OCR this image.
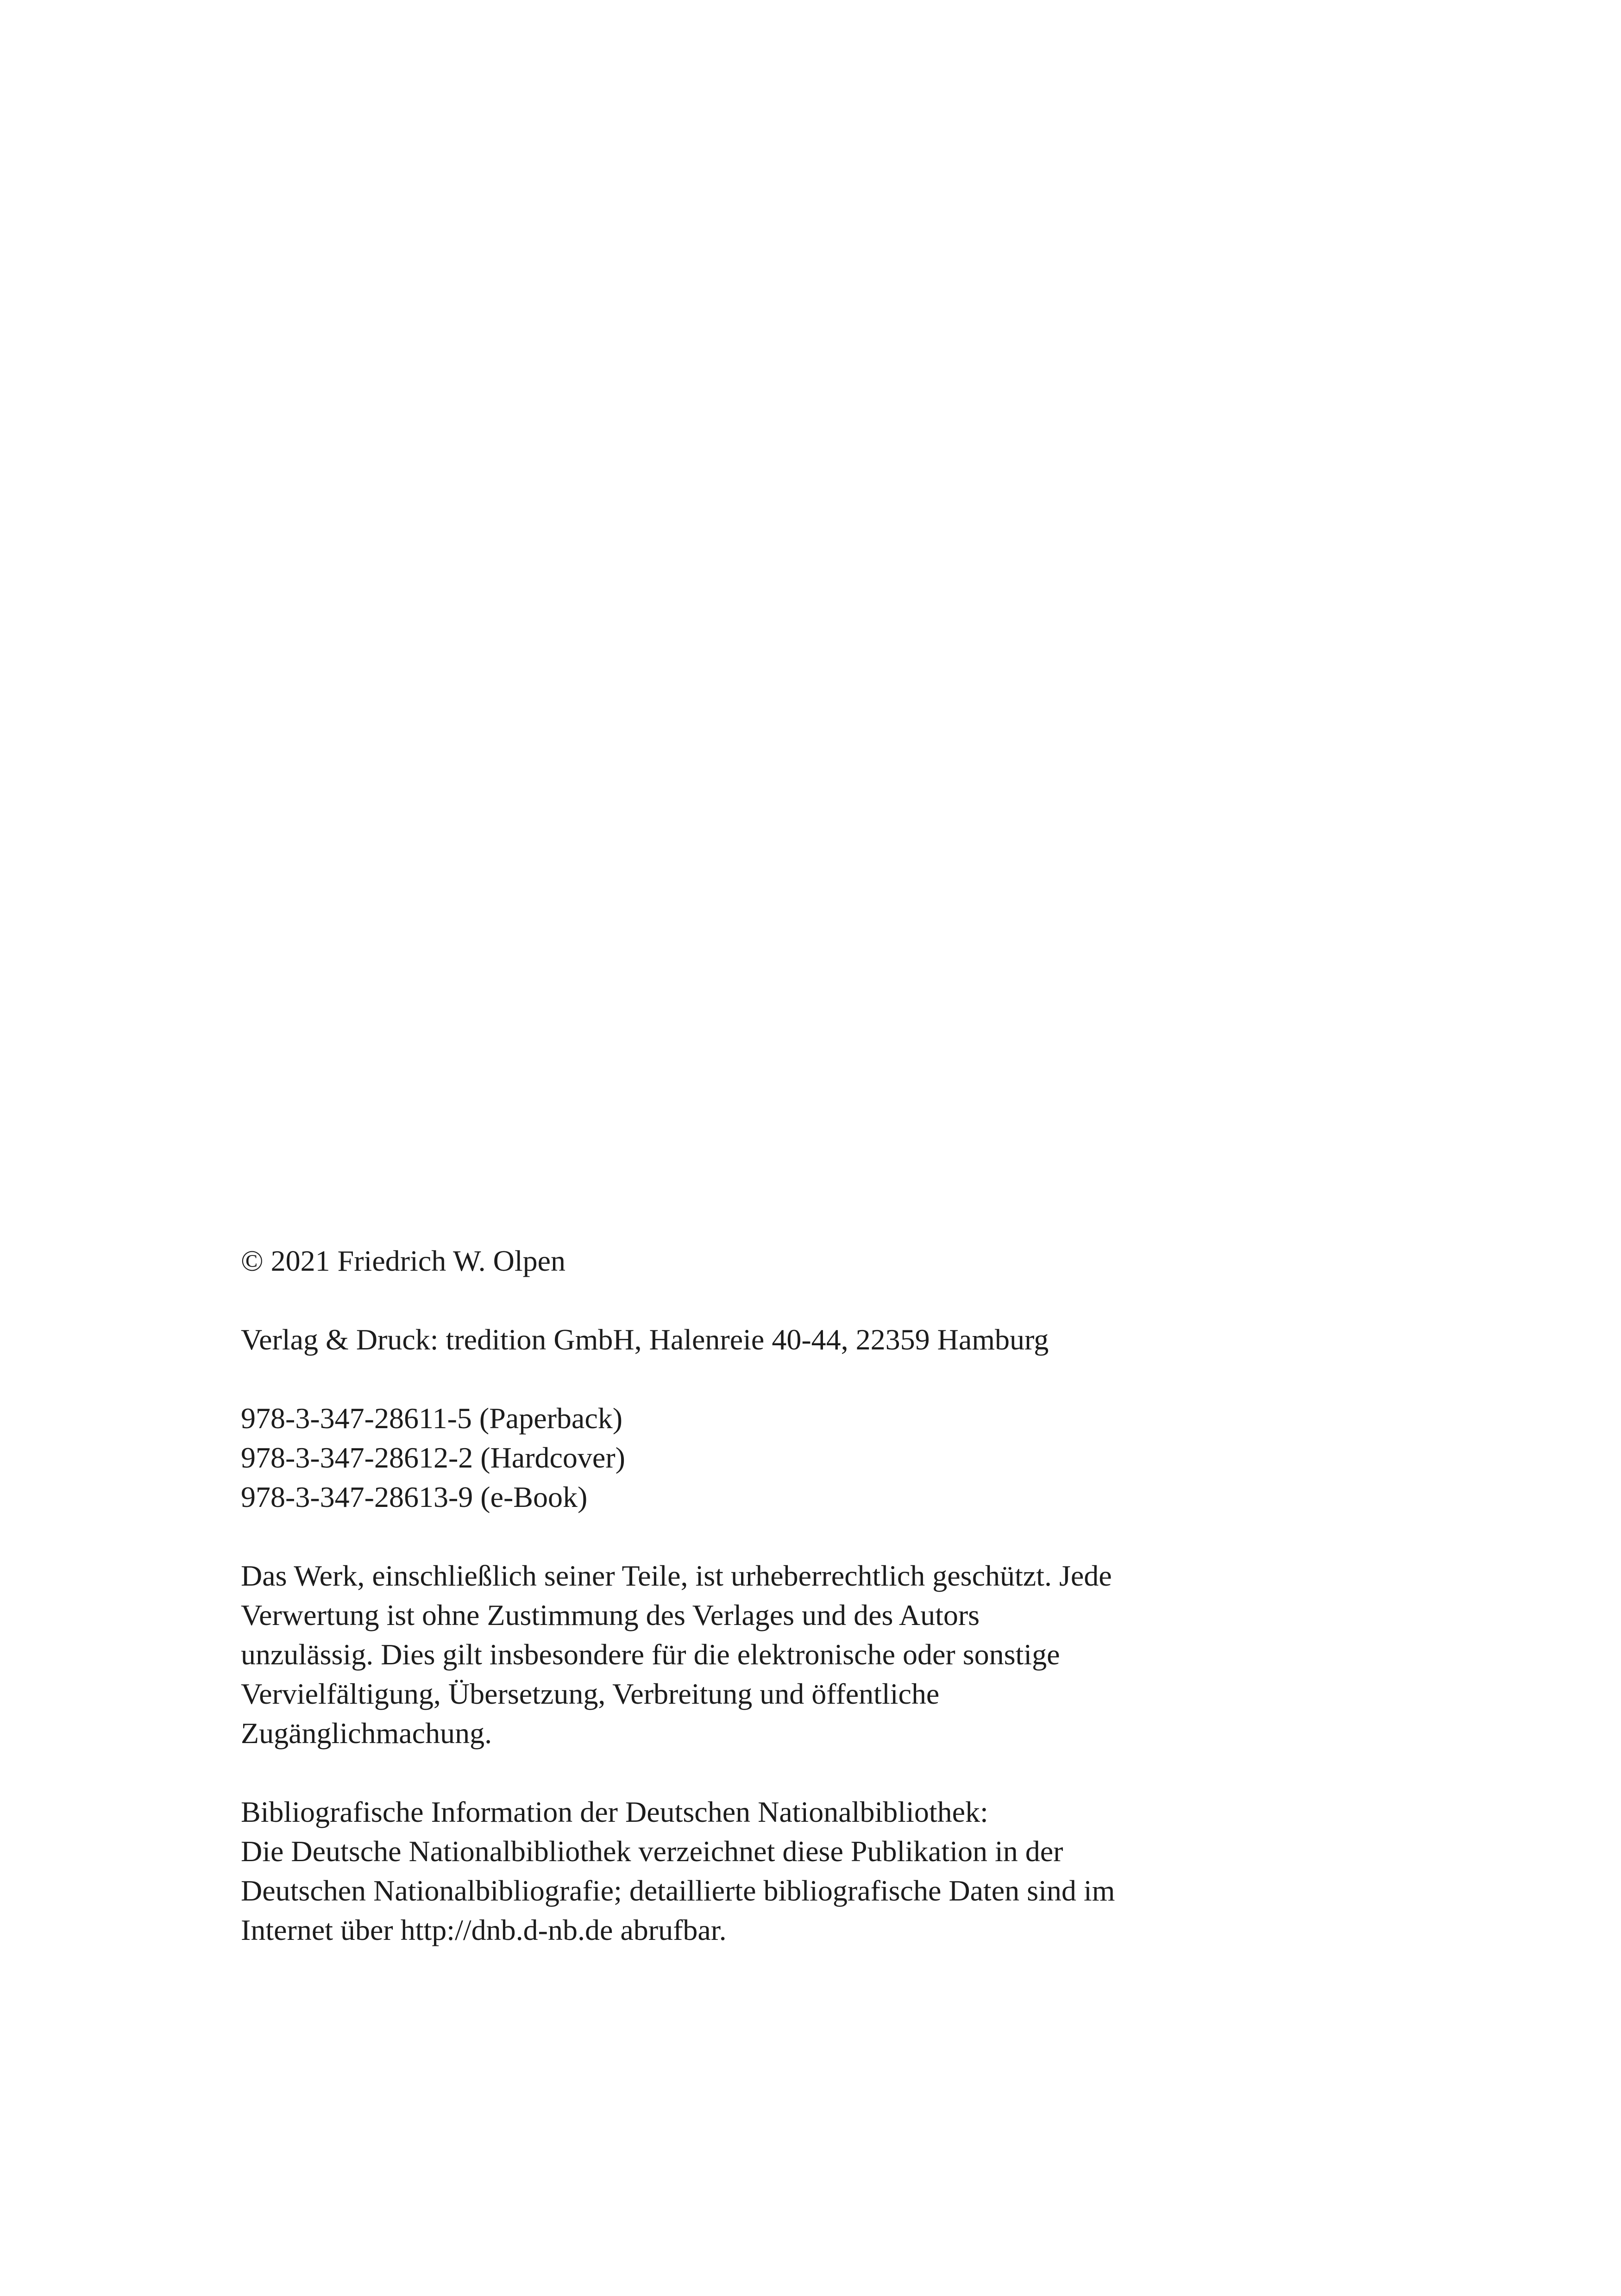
© 2021 Friedrich W. Olpen

Verlag & Druck: tredition GmbH, Halenreie 40-44, 22359 Hamburg

978-3-347-28611-5 (Paperback)
978-3-347-28612-2 (Hardcover)
978-3-347-28613-9 (e-Book)

Das Werk, einschließlich seiner Teile, ist urheberrechtlich geschützt. Jede
Verwertung ist ohne Zustimmung des Verlages und des Autors
unzulässig. Dies gilt insbesondere für die elektronische oder sonstige
Vervielfältigung, Übersetzung, Verbreitung und öffentliche
Zugänglichmachung.

Bibliografische Information der Deutschen Nationalbibliothek:
Die Deutsche Nationalbibliothek verzeichnet diese Publikation in der
Deutschen Nationalbibliografie; detaillierte bibliografische Daten sind im
Internet über http://dnb.d-nb.de abrufbar.
